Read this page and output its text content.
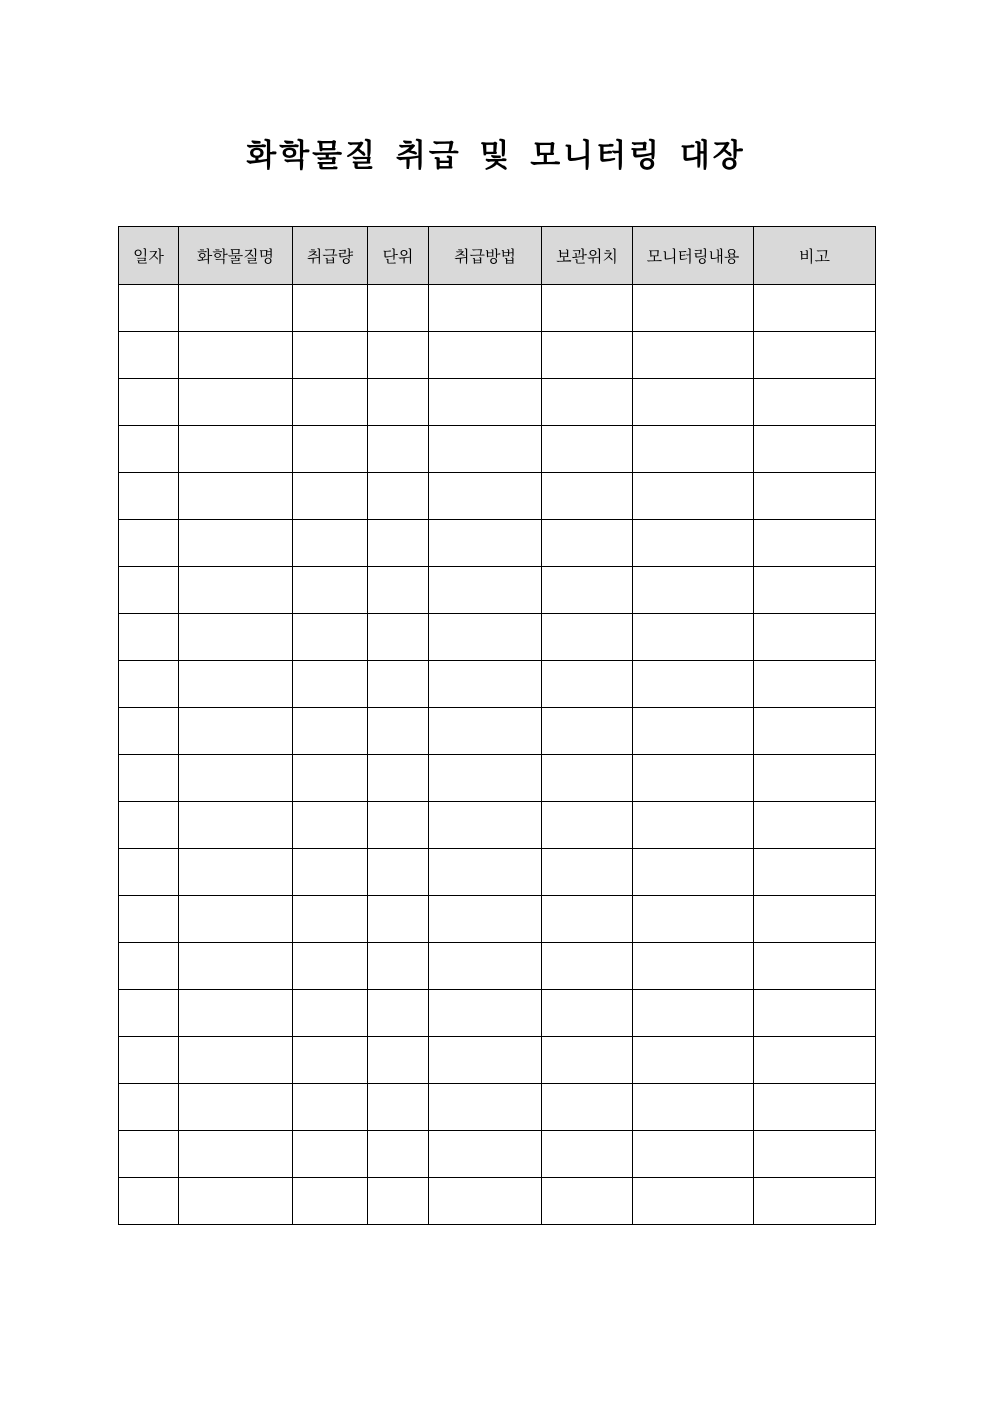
화학물질 취급 및 모니터링 대장
일자	화학물질명	취급량	단위	취급방법	보관위치	모니터링내용	비고
